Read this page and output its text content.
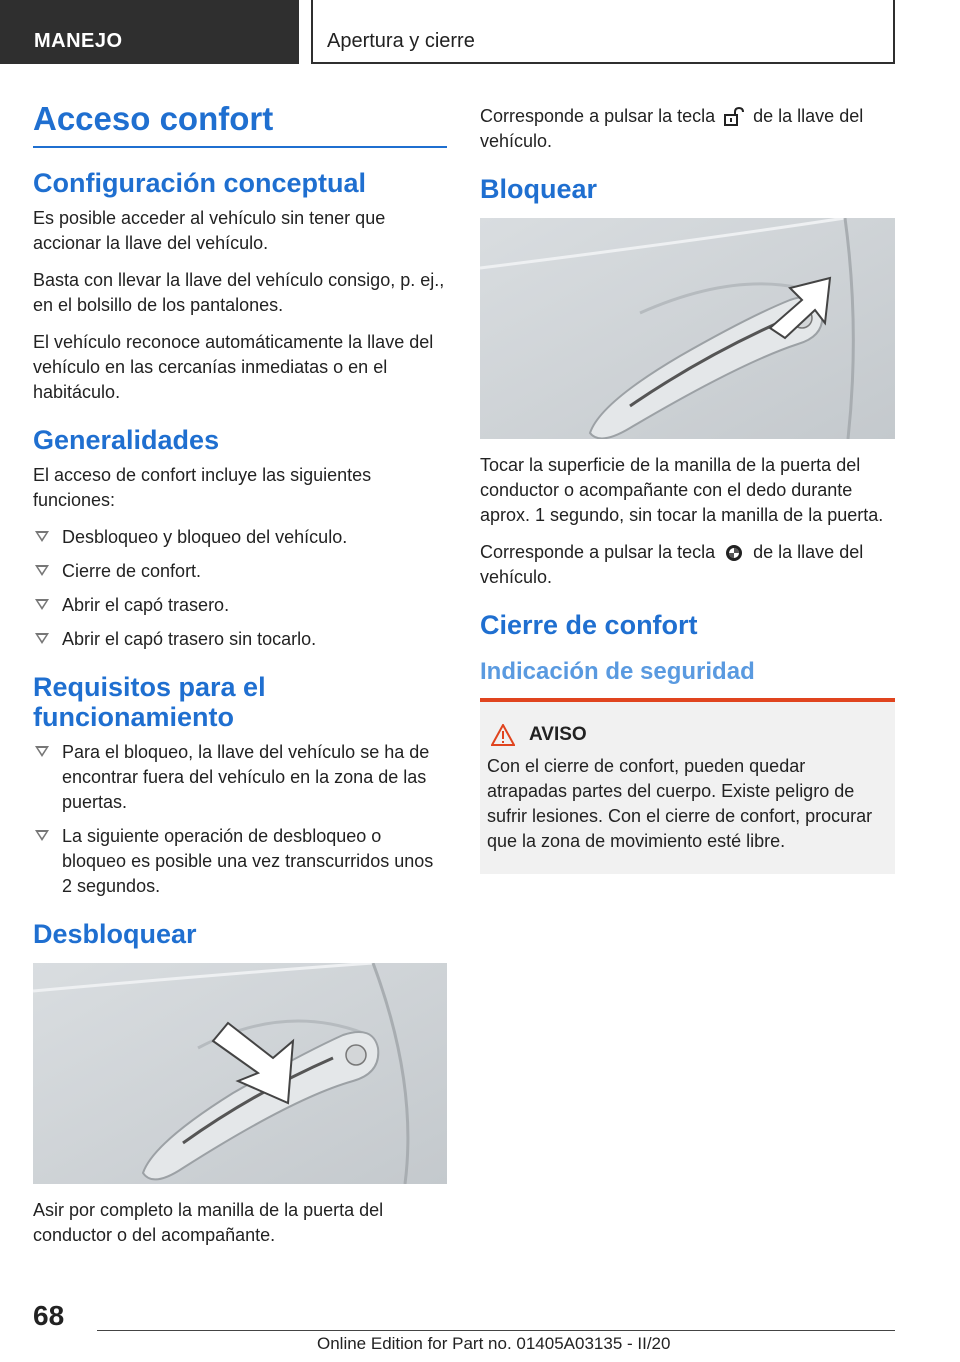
MANEJO	Apertura y cierre
Acceso confort
Configuración conceptual

Es posible acceder al vehículo sin tener que accionar la llave del vehículo.

Basta con llevar la llave del vehículo consigo, p. ej., en el bolsillo de los pantalones.

El vehículo reconoce automáticamente la llave del vehículo en las cercanías inmediatas o en el habitáculo.

Generalidades

El acceso de confort incluye las siguientes funciones:

Desbloqueo y bloqueo del vehículo.
Cierre de confort.
Abrir el capó trasero.
Abrir el capó trasero sin tocarlo.
Requisitos para el funcionamiento
Para el bloqueo, la llave del vehículo se ha de encontrar fuera del vehículo en la zona de las puertas.
La siguiente operación de desbloqueo o bloqueo es posible una vez transcurridos unos 2 segundos.
Desbloquear

Asir por completo la manilla de la puerta del conductor o del acompañante.

Corresponde a pulsar la tecla de la llave del vehículo.

Bloquear

Tocar la superficie de la manilla de la puerta del conductor o acompañante con el dedo durante aprox. 1 segundo, sin tocar la manilla de la puerta.

Corresponde a pulsar la tecla de la llave del vehículo.

Cierre de confort
Indicación de seguridad
AVISO

Con el cierre de confort, pueden quedar atrapadas partes del cuerpo. Existe peligro de sufrir lesiones. Con el cierre de confort, procurar que la zona de movimiento esté libre.

68
Online Edition for Part no. 01405A03135 - II/20
